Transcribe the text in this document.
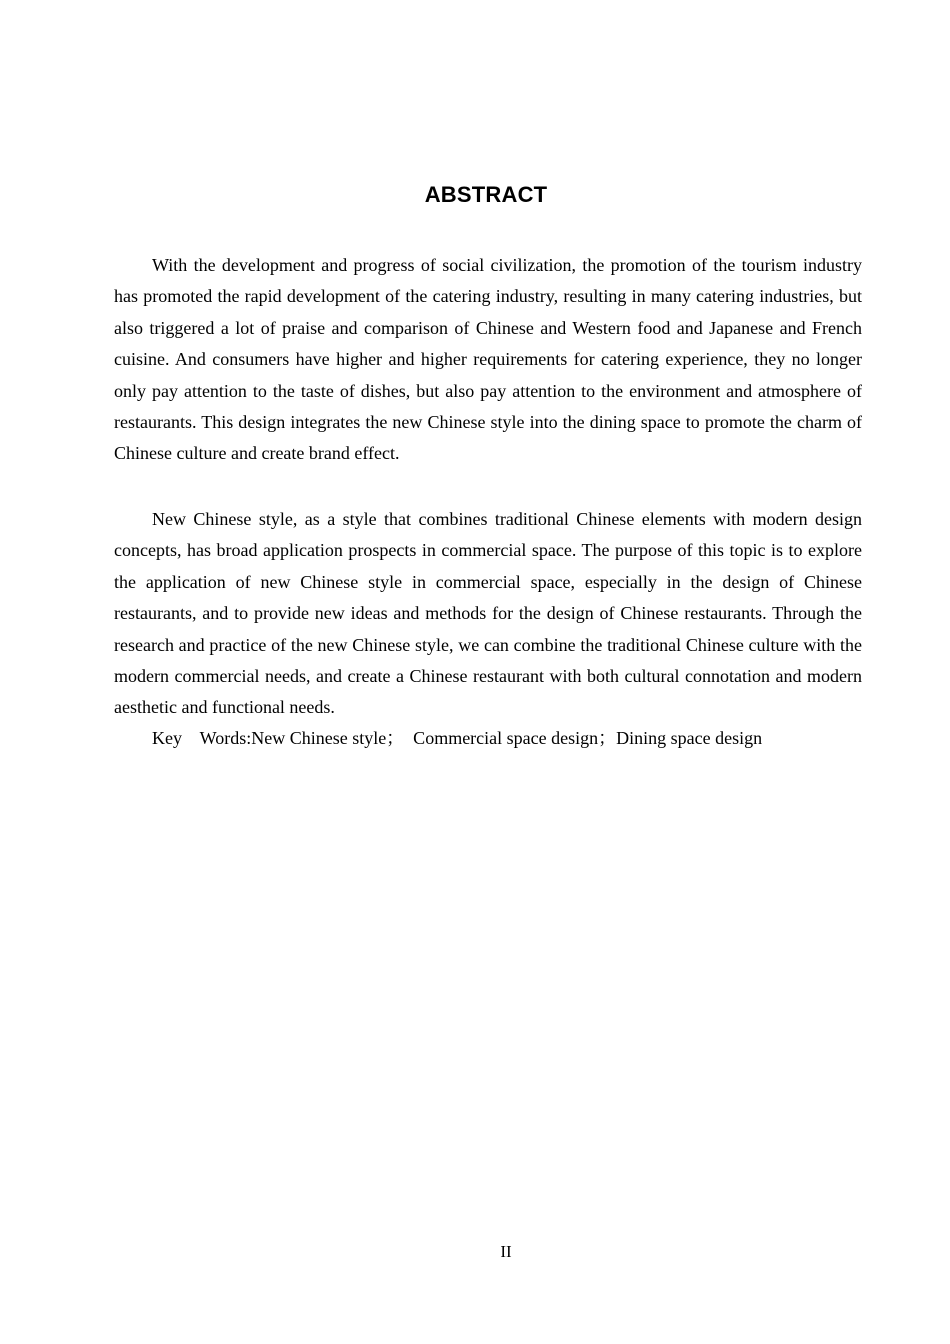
ABSTRACT

With the development and progress of social civilization, the promotion of the tourism industry has promoted the rapid development of the catering industry, resulting in many catering industries, but also triggered a lot of praise and comparison of Chinese and Western food and Japanese and French cuisine. And consumers have higher and higher requirements for catering experience, they no longer only pay attention to the taste of dishes, but also pay attention to the environment and atmosphere of restaurants. This design integrates the new Chinese style into the dining space to promote the charm of Chinese culture and create brand effect.

New Chinese style, as a style that combines traditional Chinese elements with modern design concepts, has broad application prospects in commercial space. The purpose of this topic is to explore the application of new Chinese style in commercial space, especially in the design of Chinese restaurants, and to provide new ideas and methods for the design of Chinese restaurants. Through the research and practice of the new Chinese style, we can combine the traditional Chinese culture with the modern commercial needs, and create a Chinese restaurant with both cultural connotation and modern aesthetic and functional needs.

Key    Words:New Chinese style；  Commercial space design；Dining space design
II
